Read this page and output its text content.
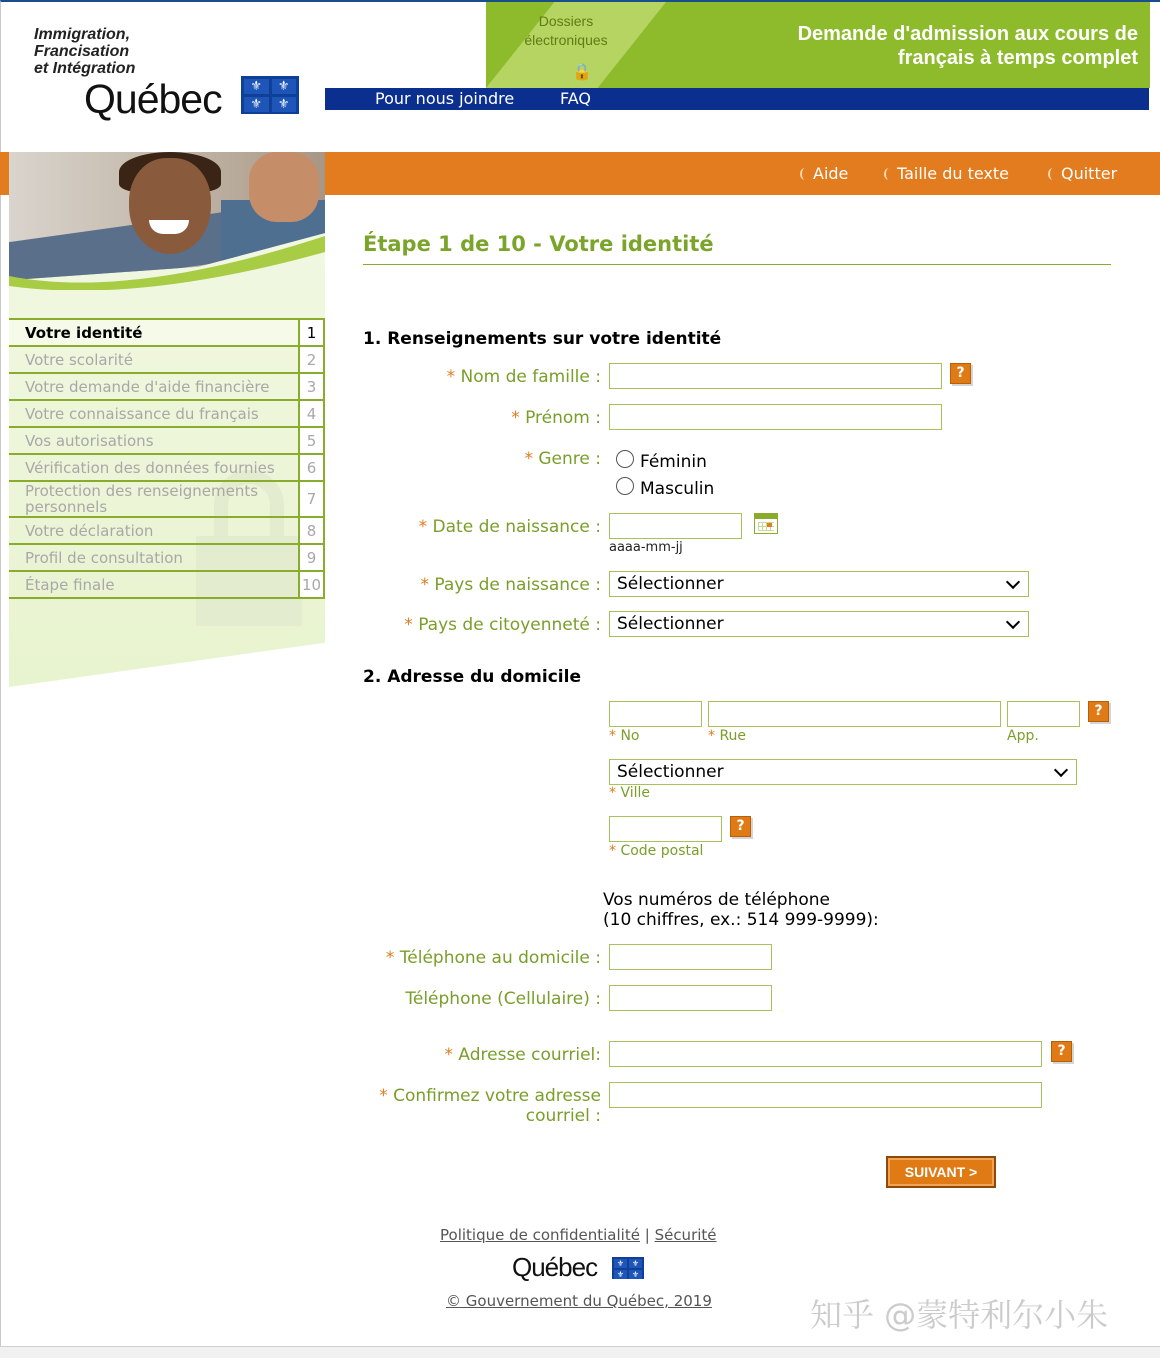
Immigration,
Francisation
et Intégration
Québec	⚜	⚜
⚜	⚜
Dossiers
électroniques
🔒
Demande d'admission aux cours de
français à temps complet
Pour nous joindre	FAQ
Aide	Taille du texte	Quitter
Votre identité	1
Votre scolarité	2
Votre demande d'aide financière	3
Votre connaissance du français	4
Vos autorisations	5
Vérification des données fournies	6
Protection des renseignements personnels	7
Votre déclaration	8
Profil de consultation	9
Étape finale	10
Étape 1 de 10 - Votre identité
1. Renseignements sur votre identité
* Nom de famille :	?
* Prénom :
* Genre : Féminin
Masculin
* Date de naissance :
aaaa-mm-jj
* Pays de naissance : Sélectionner
* Pays de citoyenneté : Sélectionner
2. Adresse du domicile
?
* No	* Rue	App.
Sélectionner
* Ville
?
* Code postal
Vos numéros de téléphone
(10 chiffres, ex.: 514 999-9999):
* Téléphone au domicile :
Téléphone (Cellulaire) :
* Adresse courriel:	?
* Confirmez votre adresse
courriel :
SUIVANT >
Politique de confidentialité | Sécurité
Québec	⚜ ⚜
⚜ ⚜
© Gouvernement du Québec, 2019	知乎 @蒙特利尔小朱
